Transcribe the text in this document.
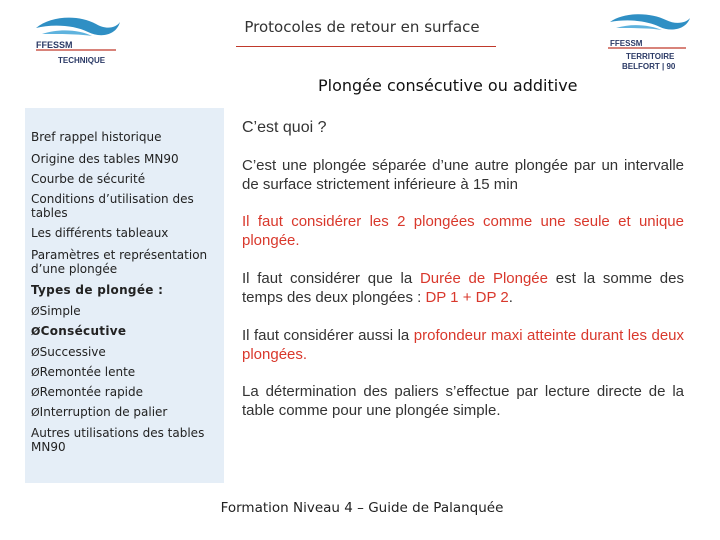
FFESSM
TECHNIQUE
FFESSM
TERRITOIRE
BELFORT | 90
Protocoles de retour en surface
Plongée consécutive ou additive
Bref rappel historique
Origine des tables MN90
Courbe de sécurité
Conditions d’utilisation des tables
Les différents tableaux
Paramètres et représentation d’une plongée
Types de plongée :
ØSimple
ØConsécutive
ØSuccessive
ØRemontée lente
ØRemontée rapide
ØInterruption de palier
Autres utilisations des tables MN90
C’est quoi ?
C’est une plongée séparée d’une autre plongée par un intervalle de surface strictement inférieure à 15 min
Il faut considérer les 2 plongées comme une seule et unique plongée.
Il faut considérer que la Durée de Plongée est la somme des temps des deux plongées : DP 1 + DP 2.
Il faut considérer aussi la profondeur maxi atteinte durant les deux plongées.
La détermination des paliers s’effectue par lecture directe de la table comme pour une plongée simple.
Formation Niveau 4 – Guide de Palanquée
